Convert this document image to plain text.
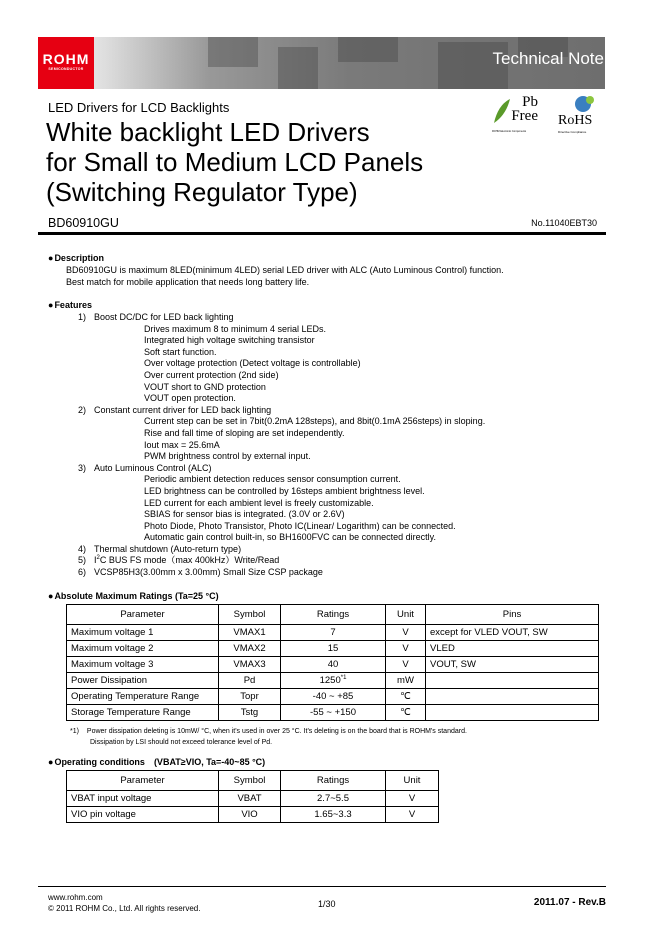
ROHM
SEMICONDUCTOR
Technical Note
Pb Free
ROHM Electronic Components
RoHS
Directive Compliance
LED Drivers for LCD Backlights
White backlight LED Drivers
for Small to Medium LCD Panels
(Switching Regulator Type)
BD60910GU	No.11040EBT30
● Description
BD60910GU is maximum 8LED(minimum 4LED) serial LED driver with ALC (Auto Luminous Control) function.
Best match for mobile application that needs long battery life.
● Features
1) Boost DC/DC for LED back lighting
Drives maximum 8 to minimum 4 serial LEDs.
Integrated high voltage switching transistor
Soft start function.
Over voltage protection (Detect voltage is controllable)
Over current protection (2nd side)
VOUT short to GND protection
VOUT open protection.
2) Constant current driver for LED back lighting
Current step can be set in 7bit(0.2mA 128steps), and 8bit(0.1mA 256steps) in sloping.
Rise and fall time of sloping are set independently.
Iout max = 25.6mA
PWM brightness control by external input.
3) Auto Luminous Control (ALC)
Periodic ambient detection reduces sensor consumption current.
LED brightness can be controlled by 16steps ambient brightness level.
LED current for each ambient level is freely customizable.
SBIAS for sensor bias is integrated. (3.0V or 2.6V)
Photo Diode, Photo Transistor, Photo IC(Linear/ Logarithm) can be connected.
Automatic gain control built-in, so BH1600FVC can be connected directly.
4) Thermal shutdown (Auto-return type)
5) $I^2C$ BUS FS mode（max 400kHz）Write/Read
6) VCSP85H3(3.00mm x 3.00mm) Small Size CSP package
● Absolute Maximum Ratings (Ta=25 °C)
Parameter	Symbol	Ratings	Unit	Pins
Maximum voltage 1	VMAX1	7	V	except for VLED VOUT, SW
Maximum voltage 2	VMAX2	15	V	VLED
Maximum voltage 3	VMAX3	40	V	VOUT, SW
Power Dissipation	Pd	1250$^{*1}$	mW	
Operating Temperature Range	Topr	-40 ~ +85	℃	
Storage Temperature Range	Tstg	-55 ~ +150	℃	
*1) Power dissipation deleting is 10mW/ °C, when it's used in over 25 °C. It's deleting is on the board that is ROHM's standard.
Dissipation by LSI should not exceed tolerance level of Pd.
● Operating conditions　(VBAT≥VIO, Ta=-40~85 °C)
Parameter	Symbol	Ratings	Unit
VBAT input voltage	VBAT	2.7~5.5	V
VIO pin voltage	VIO	1.65~3.3	V
www.rohm.com
© 2011 ROHM Co., Ltd. All rights reserved.	1/30	2011.07 - Rev.B
